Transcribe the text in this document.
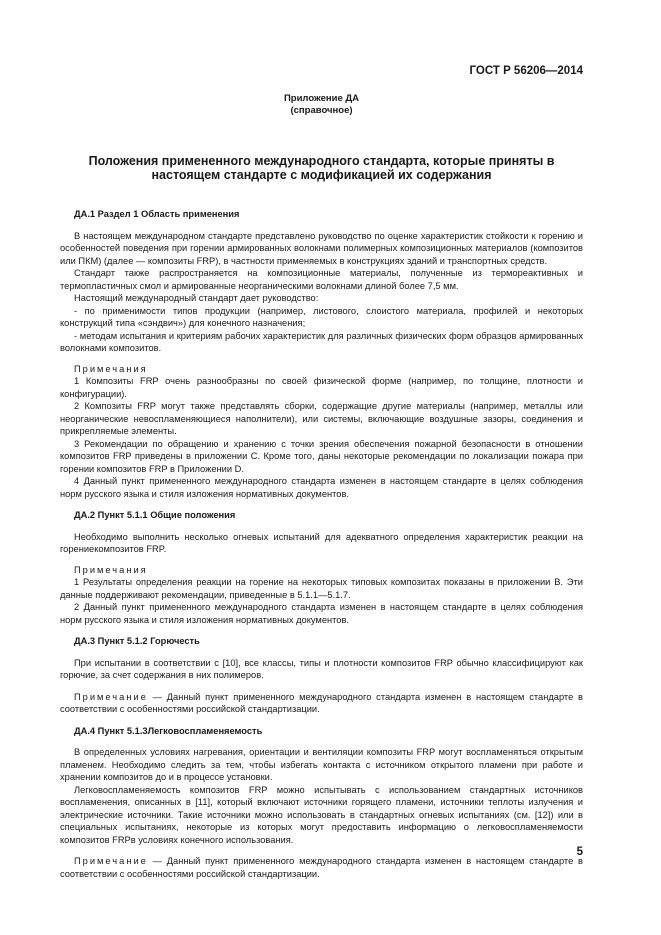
ГОСТ Р 56206—2014
Приложение ДА
(справочное)
Положения примененного международного стандарта, которые приняты в настоящем стандарте с модификацией их содержания
ДА.1 Раздел 1 Область применения

В настоящем международном стандарте представлено руководство по оценке характеристик стойкости к горению и особенностей поведения при горении армированных волокнами полимерных композиционных материалов (композитов или ПКМ) (далее — композиты FRP), в частности применяемых в конструкциях зданий и транспортных средств.

Стандарт также распространяется на композиционные материалы, полученные из термореактивных и термопластичных смол и армированные неорганическими волокнами длиной более 7,5 мм.

Настоящий международный стандарт дает руководство:

- по применимости типов продукции (например, листового, слоистого материала, профилей и некоторых конструкций типа «сэндвич») для конечного назначения;

- методам испытания и критериям рабочих характеристик для различных физических форм образцов армированных волокнами композитов.

Примечания

1 Композиты FRP очень разнообразны по своей физической форме (например, по толщине, плотности и конфигурации).

2 Композиты FRP могут также представлять сборки, содержащие другие материалы (например, металлы или неорганические невоспламеняющиеся наполнители), или системы, включающие воздушные зазоры, соединения и прикрепляемые элементы.

3 Рекомендации по обращению и хранению с точки зрения обеспечения пожарной безопасности в отношении композитов FRP приведены в приложении С. Кроме того, даны некоторые рекомендации по локализации пожара при горении композитов FRP в Приложении D.

4 Данный пункт примененного международного стандарта изменен в настоящем стандарте в целях соблюдения норм русского языка и стиля изложения нормативных документов.

ДА.2 Пункт 5.1.1 Общие положения

Необходимо выполнить несколько огневых испытаний для адекватного определения характеристик реакции на горениекомпозитов FRP.

Примечания

1 Результаты определения реакции на горение на некоторых типовых композитах показаны в приложении В. Эти данные поддерживают рекомендации, приведенные в 5.1.1—5.1.7.

2 Данный пункт примененного международного стандарта изменен в настоящем стандарте в целях соблюдения норм русского языка и стиля изложения нормативных документов.

ДА.3 Пункт 5.1.2 Горючесть

При испытании в соответствии с [10], все классы, типы и плотности композитов FRP обычно классифицируют как горючие, за счет содержания в них полимеров.

Примечание — Данный пункт примененного международного стандарта изменен в настоящем стандарте в соответствии с особенностями российской стандартизации.

ДА.4 Пункт 5.1.3Легковоспламеняемость

В определенных условиях нагревания, ориентации и вентиляции композиты FRP могут воспламеняться открытым пламенем. Необходимо следить за тем, чтобы избегать контакта с источником открытого пламени при работе и хранении композитов до и в процессе установки.

Легковоспламеняемость композитов FRP можно испытывать с использованием стандартных источников воспламенения, описанных в [11], который включают источники горящего пламени, источники теплоты излучения и электрические источники. Такие источники можно использовать в стандартных огневых испытаниях (см. [12]) или в специальных испытаниях, некоторые из которых могут предоставить информацию о легковоспламеняемости композитов FRPв условиях конечного использования.

Примечание — Данный пункт примененного международного стандарта изменен в настоящем стандарте в соответствии с особенностями российской стандартизации.

5
